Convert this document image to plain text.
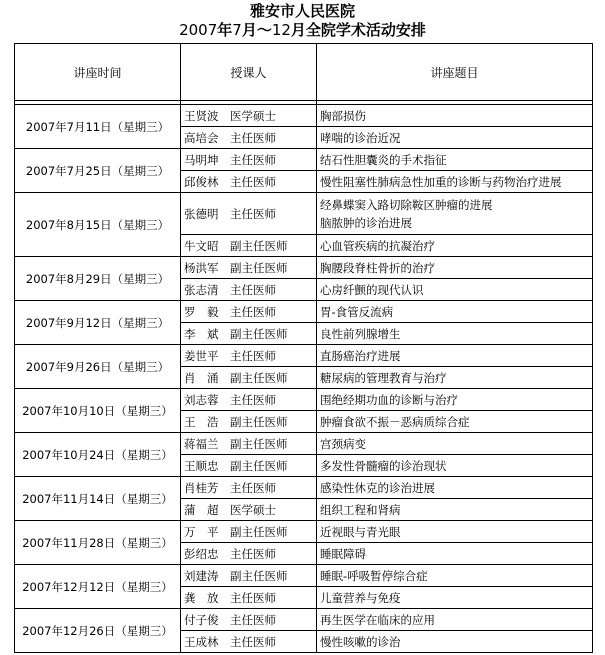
雅安市人民医院
2007年7月～12月全院学术活动安排
讲座时间	授课人	讲座题目

2007年7月11日（星期三）	王贤波　医学硕士	胸部损伤

	高培会　主任医师	哮喘的诊治近况

2007年7月25日（星期三）	马明坤　主任医师	结石性胆囊炎的手术指征

	邱俊林　主任医师	慢性阻塞性肺病急性加重的诊断与药物治疗进展

2007年8月15日（星期三）	张德明　主任医师	经鼻蝶窦入路切除鞍区肿瘤的进展
脑脓肿的诊治进展

	牛文昭　副主任医师	心血管疾病的抗凝治疗

2007年8月29日（星期三）	杨洪军　副主任医师	胸腰段脊柱骨折的治疗

	张志清　主任医师	心房纤颤的现代认识

2007年9月12日（星期三）	罗　毅　主任医师	胃-食管反流病

	李　斌　副主任医师	良性前列腺增生

2007年9月26日（星期三）	姜世平　主任医师	直肠癌治疗进展

	肖　涌　副主任医师	糖尿病的管理教育与治疗

2007年10月10日（星期三）	刘志蓉　主任医师	围绝经期功血的诊断与治疗

	王　浩　副主任医师	肿瘤食欲不振－恶病质综合症

2007年10月24日（星期三）	蒋福兰　副主任医师	宫颈病变

	王顺忠　副主任医师	多发性骨髓瘤的诊治现状

2007年11月14日（星期三）	肖桂芳　主任医师	感染性休克的诊治进展

	蒲　超　医学硕士	组织工程和肾病

2007年11月28日（星期三）	万　平　副主任医师	近视眼与青光眼

	彭绍忠　主任医师	睡眠障碍

2007年12月12日（星期三）	刘建涛　副主任医师	睡眠-呼吸暂停综合症

	龚　放　主任医师	儿童营养与免疫

2007年12月26日（星期三）	付子俊　主任医师	再生医学在临床的应用

	王成林　主任医师	慢性咳嗽的诊治
